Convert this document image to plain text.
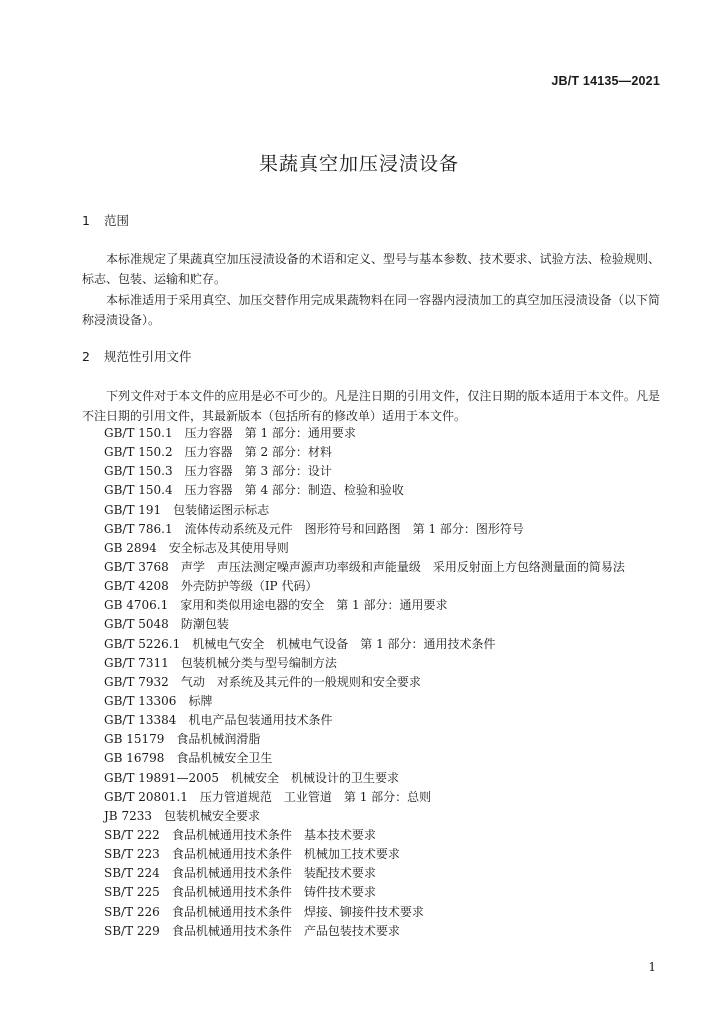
JB/T 14135—2021
果蔬真空加压浸渍设备
1 范围

本标准规定了果蔬真空加压浸渍设备的术语和定义、型号与基本参数、技术要求、试验方法、检验规则、标志、包装、运输和贮存。

本标准适用于采用真空、加压交替作用完成果蔬物料在同一容器内浸渍加工的真空加压浸渍设备（以下简称浸渍设备）。

2 规范性引用文件

下列文件对于本文件的应用是必不可少的。凡是注日期的引用文件，仅注日期的版本适用于本文件。凡是不注日期的引用文件，其最新版本（包括所有的修改单）适用于本文件。

GB/T 150.1 压力容器　第 1 部分：通用要求
GB/T 150.2 压力容器　第 2 部分：材料
GB/T 150.3 压力容器　第 3 部分：设计
GB/T 150.4 压力容器　第 4 部分：制造、检验和验收
GB/T 191 包装储运图示标志
GB/T 786.1 流体传动系统及元件　图形符号和回路图　第 1 部分：图形符号
GB 2894 安全标志及其使用导则
GB/T 3768 声学　声压法测定噪声源声功率级和声能量级　采用反射面上方包络测量面的简易法
GB/T 4208 外壳防护等级（IP 代码）
GB 4706.1 家用和类似用途电器的安全　第 1 部分：通用要求
GB/T 5048 防潮包装
GB/T 5226.1 机械电气安全　机械电气设备　第 1 部分：通用技术条件
GB/T 7311 包装机械分类与型号编制方法
GB/T 7932 气动　对系统及其元件的一般规则和安全要求
GB/T 13306 标牌
GB/T 13384 机电产品包装通用技术条件
GB 15179 食品机械润滑脂
GB 16798 食品机械安全卫生
GB/T 19891—2005 机械安全　机械设计的卫生要求
GB/T 20801.1 压力管道规范　工业管道　第 1 部分：总则
JB 7233 包装机械安全要求
SB/T 222 食品机械通用技术条件　基本技术要求
SB/T 223 食品机械通用技术条件　机械加工技术要求
SB/T 224 食品机械通用技术条件　装配技术要求
SB/T 225 食品机械通用技术条件　铸件技术要求
SB/T 226 食品机械通用技术条件　焊接、铆接件技术要求
SB/T 229 食品机械通用技术条件　产品包装技术要求
1
